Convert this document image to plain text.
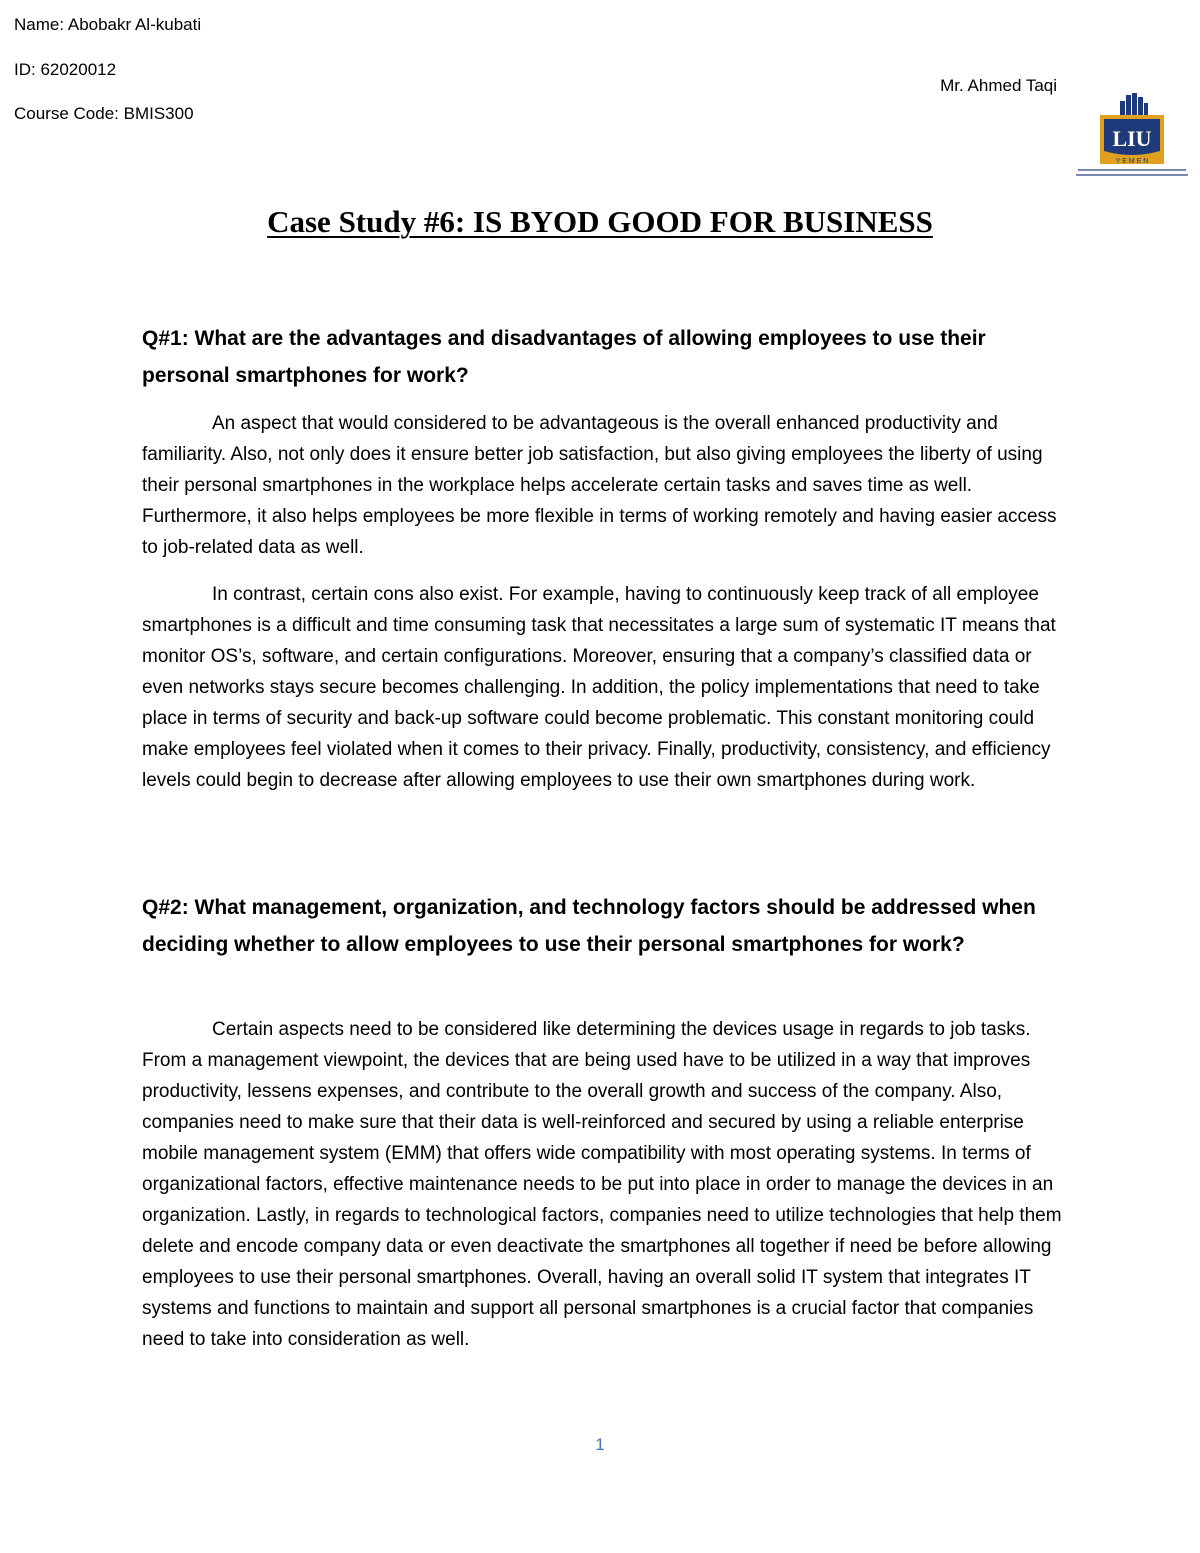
Name: Abobakr Al-kubati
ID: 62020012
Course Code: BMIS300
Mr. Ahmed Taqi
LIU
Y E M E N
Case Study #6: IS BYOD GOOD FOR BUSINESS
Q#1: What are the advantages and disadvantages of allowing employees to use their personal smartphones for work?
An aspect that would considered to be advantageous is the overall enhanced productivity and familiarity. Also, not only does it ensure better job satisfaction, but also giving employees the liberty of using their personal smartphones in the workplace helps accelerate certain tasks and saves time as well. Furthermore, it also helps employees be more flexible in terms of working remotely and having easier access to job-related data as well.
In contrast, certain cons also exist. For example, having to continuously keep track of all employee smartphones is a difficult and time consuming task that necessitates a large sum of systematic IT means that monitor OS’s, software, and certain configurations. Moreover, ensuring that a company’s classified data or even networks stays secure becomes challenging. In addition, the policy implementations that need to take place in terms of security and back-up software could become problematic. This constant monitoring could make employees feel violated when it comes to their privacy. Finally, productivity, consistency, and efficiency levels could begin to decrease after allowing employees to use their own smartphones during work.
Q#2: What management, organization, and technology factors should be addressed when deciding whether to allow employees to use their personal smartphones for work?
Certain aspects need to be considered like determining the devices usage in regards to job tasks. From a management viewpoint, the devices that are being used have to be utilized in a way that improves productivity, lessens expenses, and contribute to the overall growth and success of the company. Also, companies need to make sure that their data is well-reinforced and secured by using a reliable enterprise mobile management system (EMM) that offers wide compatibility with most operating systems. In terms of organizational factors, effective maintenance needs to be put into place in order to manage the devices in an organization. Lastly, in regards to technological factors, companies need to utilize technologies that help them delete and encode company data or even deactivate the smartphones all together if need be before allowing employees to use their personal smartphones. Overall, having an overall solid IT system that integrates IT systems and functions to maintain and support all personal smartphones is a crucial factor that companies need to take into consideration as well.
1
